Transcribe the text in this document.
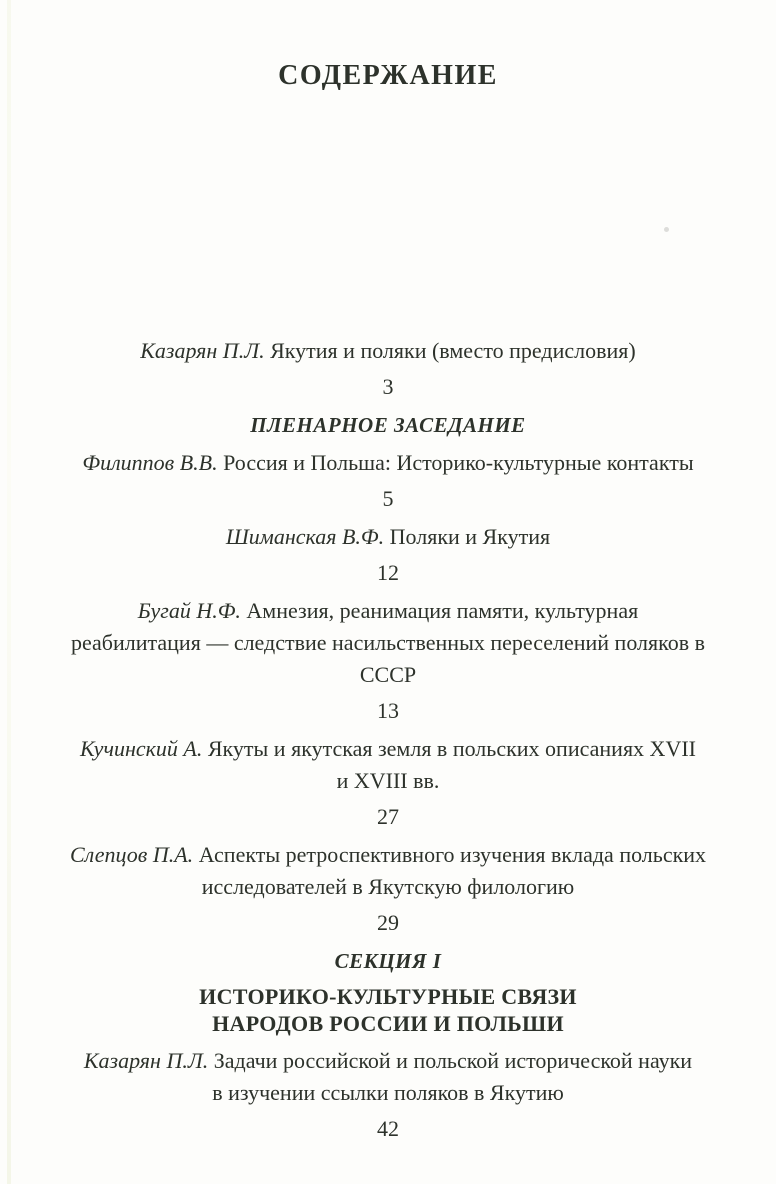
СОДЕРЖАНИЕ
Казарян П.Л. Якутия и поляки (вместо предисловия)
3
ПЛЕНАРНОЕ ЗАСЕДАНИЕ
Филиппов В.В. Россия и Польша: Историко-культурные контакты
5
Шиманская В.Ф. Поляки и Якутия
12
Бугай Н.Ф. Амнезия, реанимация памяти, культурная
реабилитация — следствие насильственных переселений поляков в
СССР
13
Кучинский А. Якуты и якутская земля в польских описаниях XVII
и XVIII вв.
27
Слепцов П.А. Аспекты ретроспективного изучения вклада польских
исследователей в Якутскую филологию
29
СЕКЦИЯ I
ИСТОРИКО-КУЛЬТУРНЫЕ СВЯЗИ
НАРОДОВ РОССИИ И ПОЛЬШИ
Казарян П.Л. Задачи российской и польской исторической науки
в изучении ссылки поляков в Якутию
42
